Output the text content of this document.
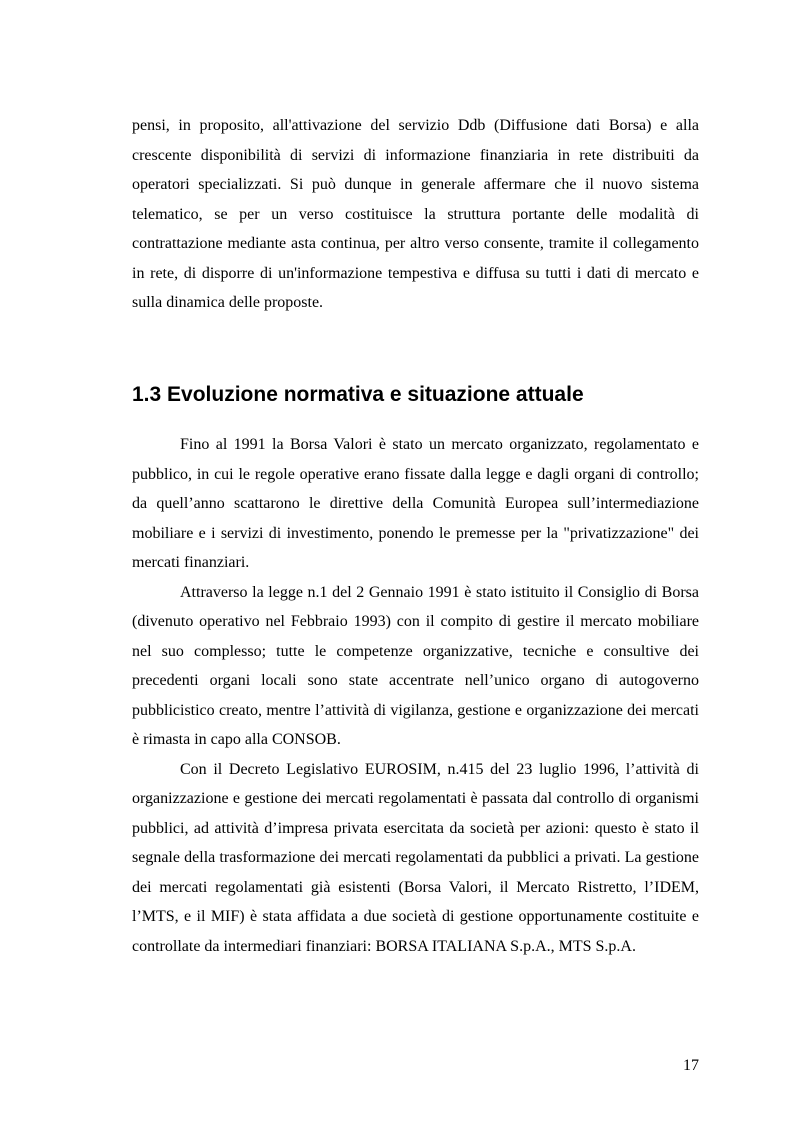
pensi, in proposito, all'attivazione del servizio Ddb (Diffusione dati Borsa) e alla crescente disponibilità di servizi di informazione finanziaria in rete distribuiti da operatori specializzati. Si può dunque in generale affermare che il nuovo sistema telematico, se per un verso costituisce la struttura portante delle modalità di contrattazione mediante asta continua, per altro verso consente, tramite il collegamento in rete, di disporre di un'informazione tempestiva e diffusa su tutti i dati di mercato e sulla dinamica delle proposte.

1.3 Evoluzione normativa e situazione attuale

Fino al 1991 la Borsa Valori è stato un mercato organizzato, regolamentato e pubblico, in cui le regole operative erano fissate dalla legge e dagli organi di controllo; da quell’anno scattarono le direttive della Comunità Europea sull’intermediazione mobiliare e i servizi di investimento, ponendo le premesse per la "privatizzazione" dei mercati finanziari.

Attraverso la legge n.1 del 2 Gennaio 1991 è stato istituito il Consiglio di Borsa (divenuto operativo nel Febbraio 1993) con il compito di gestire il mercato mobiliare nel suo complesso; tutte le competenze organizzative, tecniche e consultive dei precedenti organi locali sono state accentrate nell’unico organo di autogoverno pubblicistico creato, mentre l’attività di vigilanza, gestione e organizzazione dei mercati è rimasta in capo alla CONSOB.

Con il Decreto Legislativo EUROSIM, n.415 del 23 luglio 1996, l’attività di organizzazione e gestione dei mercati regolamentati è passata dal controllo di organismi pubblici, ad attività d’impresa privata esercitata da società per azioni: questo è stato il segnale della trasformazione dei mercati regolamentati da pubblici a privati. La gestione dei mercati regolamentati già esistenti (Borsa Valori, il Mercato Ristretto, l’IDEM, l’MTS, e il MIF) è stata affidata a due società di gestione opportunamente costituite e controllate da intermediari finanziari: BORSA ITALIANA S.p.A., MTS S.p.A.

17
